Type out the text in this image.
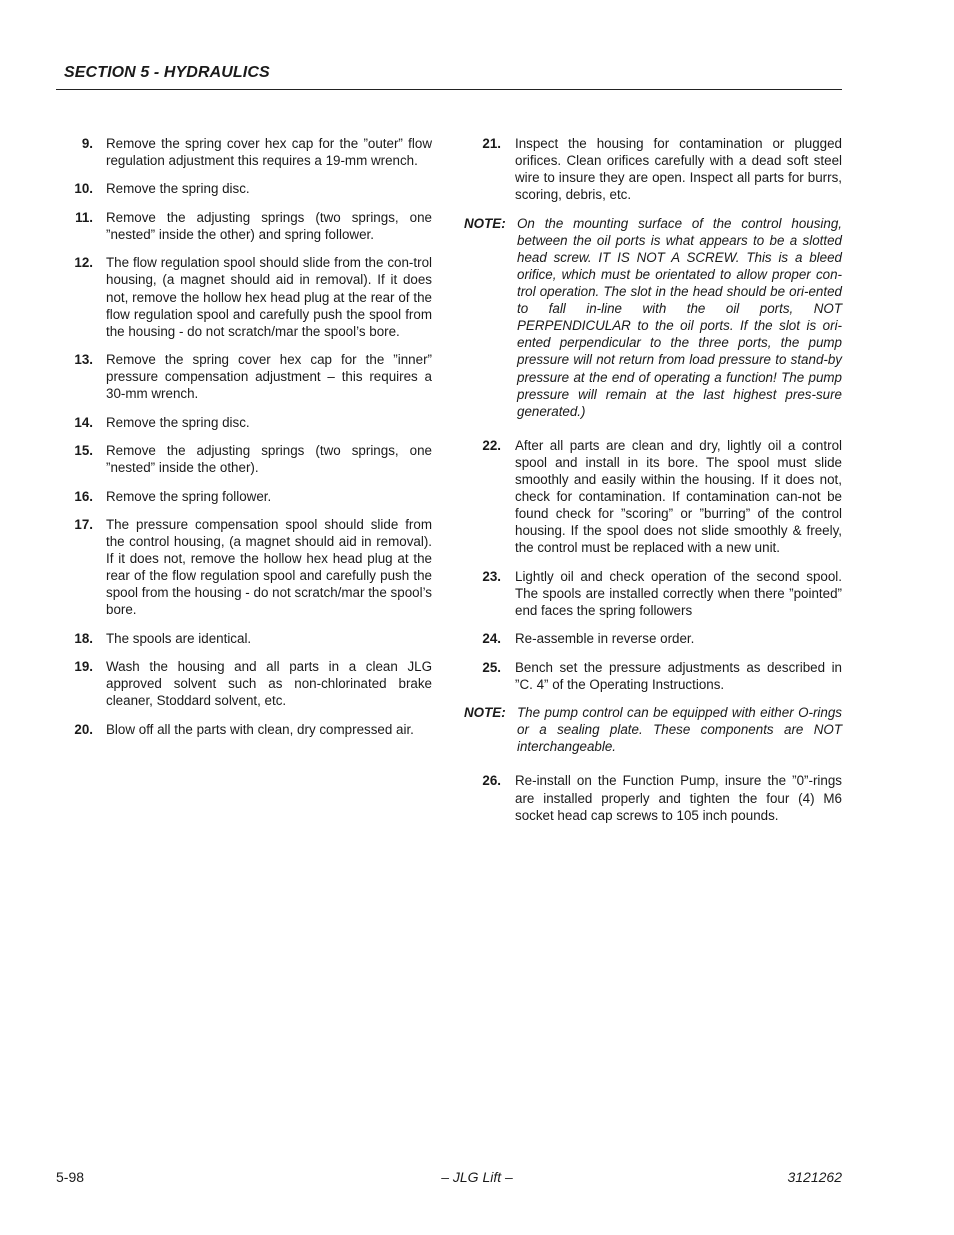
SECTION 5 - HYDRAULICS
9. Remove the spring cover hex cap for the ”outer” flow regulation adjustment this requires a 19-mm wrench.
10. Remove the spring disc.
11. Remove the adjusting springs (two springs, one ”nested” inside the other) and spring follower.
12. The flow regulation spool should slide from the con-trol housing, (a magnet should aid in removal). If it does not, remove the hollow hex head plug at the rear of the flow regulation spool and carefully push the spool from the housing - do not scratch/mar the spool’s bore.
13. Remove the spring cover hex cap for the ”inner” pressure compensation adjustment – this requires a 30-mm wrench.
14. Remove the spring disc.
15. Remove the adjusting springs (two springs, one ”nested” inside the other).
16. Remove the spring follower.
17. The pressure compensation spool should slide from the control housing, (a magnet should aid in removal). If it does not, remove the hollow hex head plug at the rear of the flow regulation spool and carefully push the spool from the housing - do not scratch/mar the spool’s bore.
18. The spools are identical.
19. Wash the housing and all parts in a clean JLG approved solvent such as non-chlorinated brake cleaner, Stoddard solvent, etc.
20. Blow off all the parts with clean, dry compressed air.
21. Inspect the housing for contamination or plugged orifices. Clean orifices carefully with a dead soft steel wire to insure they are open. Inspect all parts for burrs, scoring, debris, etc.
NOTE: On the mounting surface of the control housing, between the oil ports is what appears to be a slotted head screw. IT IS NOT A SCREW. This is a bleed orifice, which must be orientated to allow proper con-trol operation. The slot in the head should be ori-ented to fall in-line with the oil ports, NOT PERPENDICULAR to the oil ports. If the slot is ori-ented perpendicular to the three ports, the pump pressure will not return from load pressure to stand-by pressure at the end of operating a function! The pump pressure will remain at the last highest pres-sure generated.)
22. After all parts are clean and dry, lightly oil a control spool and install in its bore. The spool must slide smoothly and easily within the housing. If it does not, check for contamination. If contamination can-not be found check for ”scoring” or ”burring” of the control housing. If the spool does not slide smoothly & freely, the control must be replaced with a new unit.
23. Lightly oil and check operation of the second spool. The spools are installed correctly when there ”pointed” end faces the spring followers
24. Re-assemble in reverse order.
25. Bench set the pressure adjustments as described in ”C. 4” of the Operating Instructions.
NOTE: The pump control can be equipped with either O-rings or a sealing plate. These components are NOT interchangeable.
26. Re-install on the Function Pump, insure the ”0”-rings are installed properly and tighten the four (4) M6 socket head cap screws to 105 inch pounds.
5-98	– JLG Lift –	3121262
